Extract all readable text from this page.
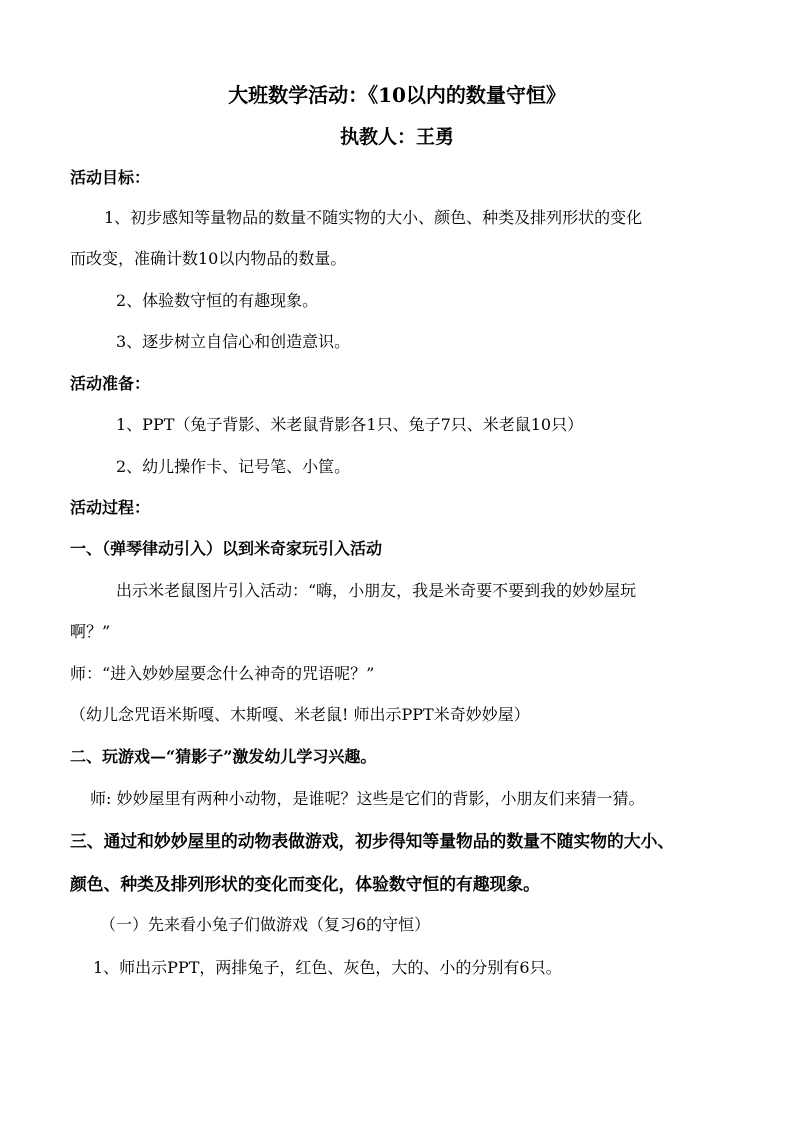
大班数学活动：《10以内的数量守恒》
执教人：王勇
活动目标：
1、初步感知等量物品的数量不随实物的大小、颜色、种类及排列形状的变化
而改变，准确计数10以内物品的数量。
2、体验数守恒的有趣现象。
3、逐步树立自信心和创造意识。
活动准备：
1、PPT（兔子背影、米老鼠背影各1只、兔子7只、米老鼠10只）
2、幼儿操作卡、记号笔、小筐。
活动过程：
一、（弹琴律动引入）以到米奇家玩引入活动
出示米老鼠图片引入活动：“嗨，小朋友，我是米奇要不要到我的妙妙屋玩
啊？”
师：“进入妙妙屋要念什么神奇的咒语呢？”
（幼儿念咒语米斯嘎、木斯嘎、米老鼠! 师出示PPT米奇妙妙屋）
二、玩游戏—“猜影子”激发幼儿学习兴趣。
师: 妙妙屋里有两种小动物，是谁呢？这些是它们的背影，小朋友们来猜一猜。
三、通过和妙妙屋里的动物表做游戏，初步得知等量物品的数量不随实物的大小、
颜色、种类及排列形状的变化而变化，体验数守恒的有趣现象。
（一）先来看小兔子们做游戏（复习6的守恒）
1、师出示PPT，两排兔子，红色、灰色，大的、小的分别有6只。
